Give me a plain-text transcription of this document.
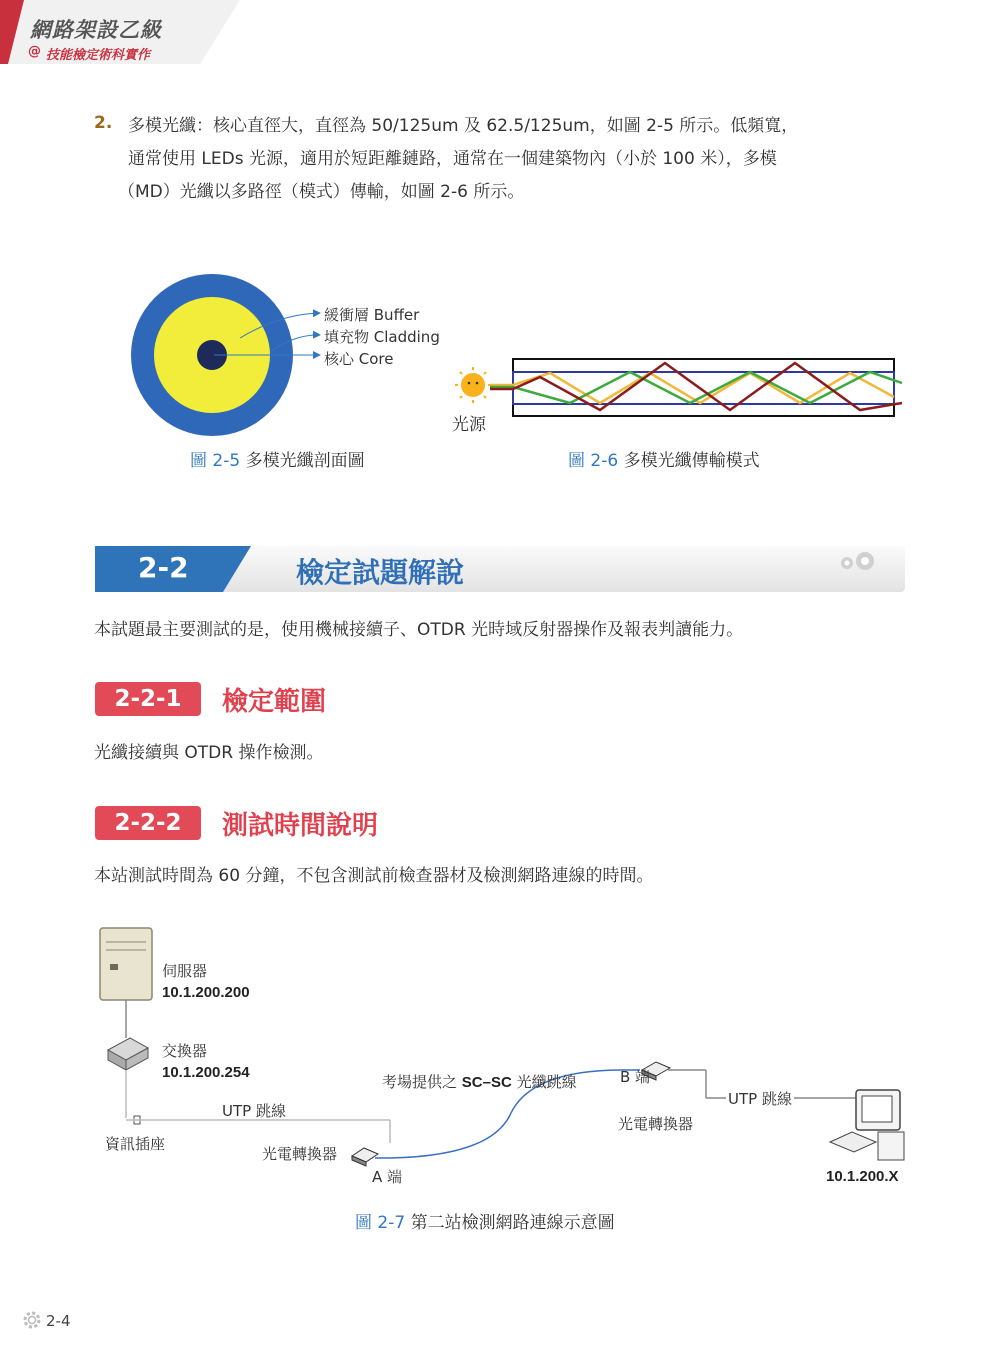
網路架設乙級
@ 技能檢定術科實作
2. 多模光纖：核心直徑大，直徑為 50/125um 及 62.5/125um，如圖 2-5 所示。低頻寬，
通常使用 LEDs 光源，適用於短距離鏈路，通常在一個建築物內（小於 100 米），多模
（MD）光纖以多路徑（模式）傳輸，如圖 2-6 所示。
緩衝層 Buffer
填充物 Cladding
核心 Core
圖 2-5 多模光纖剖面圖
光源
圖 2-6 多模光纖傳輸模式
2-2	檢定試題解說
本試題最主要測試的是，使用機械接續子、OTDR 光時域反射器操作及報表判讀能力。
2-2-1	檢定範圍
光纖接續與 OTDR 操作檢測。
2-2-2	測試時間說明
本站測試時間為 60 分鐘，不包含測試前檢查器材及檢測網路連線的時間。
伺服器
10.1.200.200
交換器
10.1.200.254
UTP 跳線
資訊插座
光電轉換器
A 端
考場提供之 SC–SC 光纖跳線	B 端
光電轉換器
UTP 跳線
10.1.200.X
圖 2-7 第二站檢測網路連線示意圖
2-4
